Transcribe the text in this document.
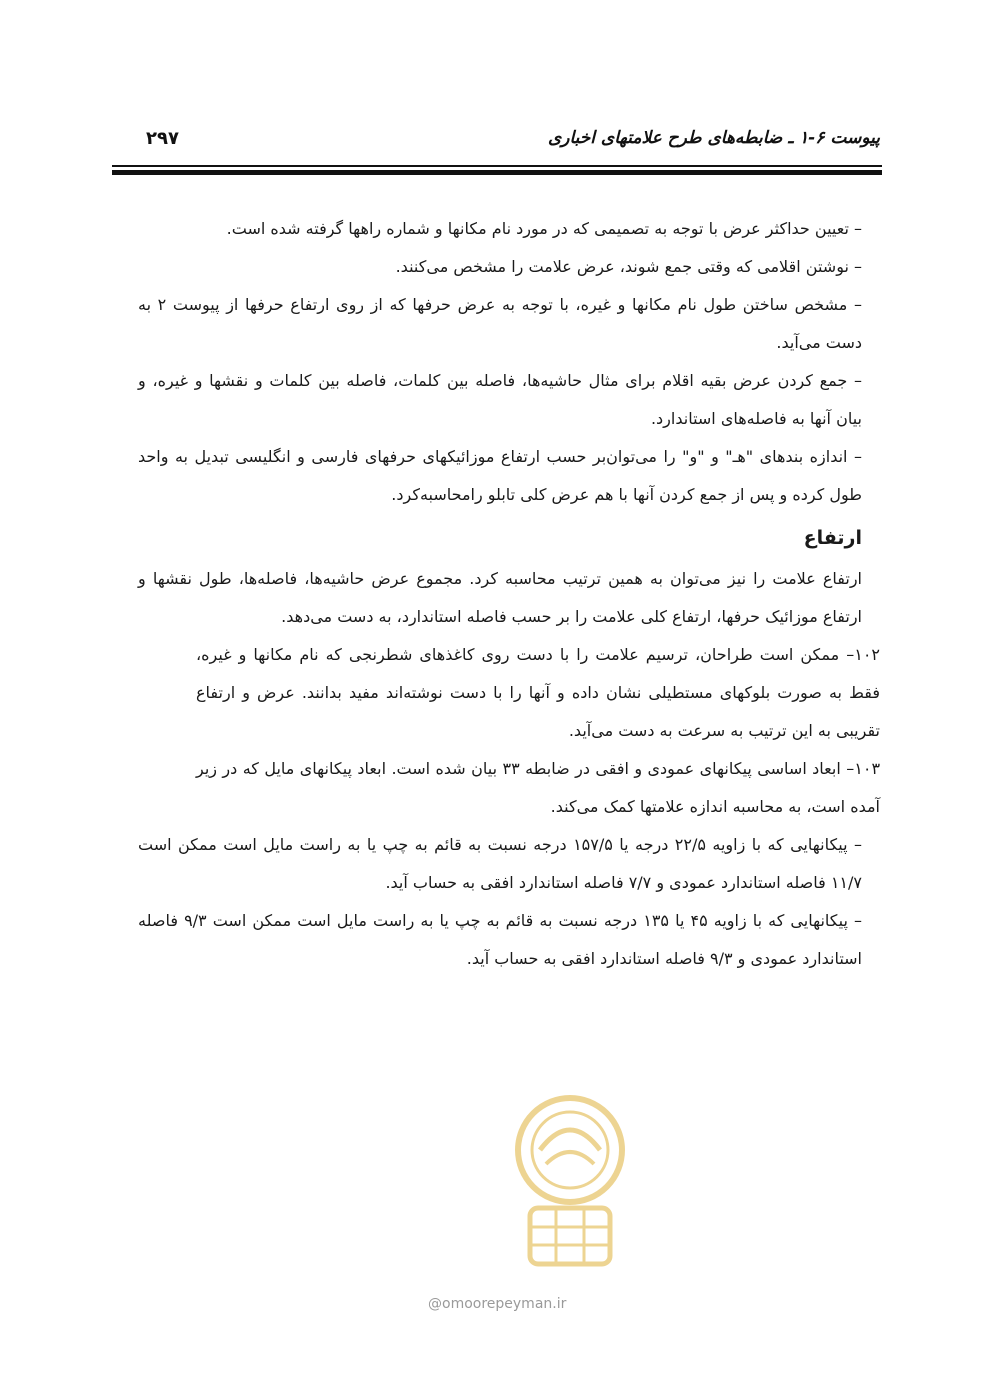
پیوست ۶-۱ ـ ضابطه‌های طرح علامتهای اخباری
۲۹۷

– تعیین حداکثر عرض با توجه به تصمیمی که در مورد نام مکانها و شماره راهها گرفته شده است.

– نوشتن اقلامی که وقتی جمع شوند، عرض علامت را مشخص می‌کنند.

– مشخص ساختن طول نام مکانها و غیره، با توجه به عرض حرفها که از روی ارتفاع حرفها از پیوست ۲ به دست می‌آید.

– جمع کردن عرض بقیه اقلام برای مثال حاشیه‌ها، فاصله بین کلمات، فاصله بین کلمات و نقشها و غیره، و بیان آنها به فاصله‌های استاندارد.

– اندازه بندهای "هـ" و "و" را می‌توان‌بر حسب ارتفاع موزائیکهای حرفهای فارسی و انگلیسی تبدیل به واحد طول کرده و پس از جمع کردن آنها با هم عرض کلی تابلو رامحاسبه‌کرد.

ارتفاع

ارتفاع علامت را نیز می‌توان به همین ترتیب محاسبه کرد. مجموع عرض حاشیه‌ها، فاصله‌ها، طول نقشها و ارتفاع موزائیک حرفها، ارتفاع کلی علامت را بر حسب فاصله استاندارد، به دست می‌دهد.

۱۰۲– ممکن است طراحان، ترسیم علامت را با دست روی کاغذهای شطرنجی که نام مکانها و غیره، فقط به صورت بلوکهای مستطیلی نشان داده و آنها را با دست نوشته‌اند مفید بدانند. عرض و ارتفاع تقریبی به این ترتیب به سرعت به دست می‌آید.

۱۰۳– ابعاد اساسی پیکانهای عمودی و افقی در ضابطه ۳۳ بیان شده است. ابعاد پیکانهای مایل که در زیر آمده است، به محاسبه اندازه علامتها کمک می‌کند.

– پیکانهایی که با زاویه ۲۲/۵ درجه یا ۱۵۷/۵ درجه نسبت به قائم به چپ یا به راست مایل است ممکن است ۱۱/۷ فاصله استاندارد عمودی و ۷/۷ فاصله استاندارد افقی به حساب آید.

– پیکانهایی که با زاویه ۴۵ یا ۱۳۵ درجه نسبت به قائم به چپ یا به راست مایل است ممکن است ۹/۳ فاصله استاندارد عمودی و ۹/۳ فاصله استاندارد افقی به حساب آید.

@omoorepeyman.ir
